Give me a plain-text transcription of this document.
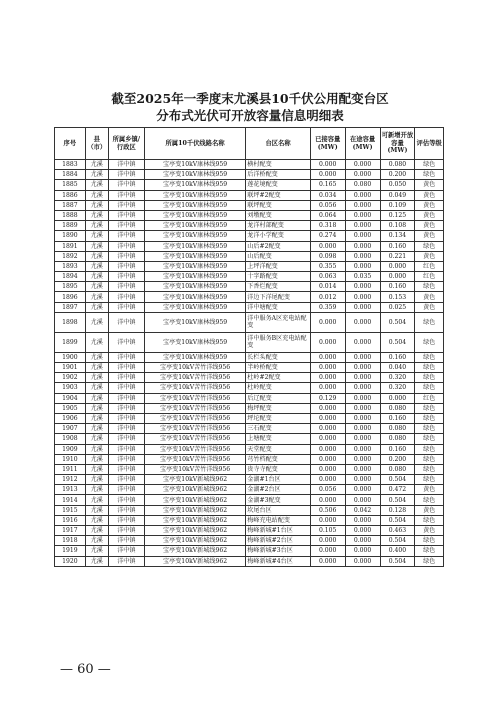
截至2025年一季度末尤溪县10千伏公用配变台区
分布式光伏可开放容量信息明细表
序号	县（市）	所属乡镇/行政区	所属10千伏线路名称	台区名称	已接容量(MW)	在途容量(MW)	可新增开放容量(MW)	评估等级
1883	尤溪	洋中镇	宝亭变10kV康林线959	横村配变	0.000	0.000	0.080	绿色
1884	尤溪	洋中镇	宝亭变10kV康林线959	后洋桥配变	0.000	0.000	0.200	绿色
1885	尤溪	洋中镇	宝亭变10kV康林线959	莲花境配变	0.165	0.080	0.050	黄色
1886	尤溪	洋中镇	宝亭变10kV康林线959	联坪#2配变	0.034	0.000	0.049	黄色
1887	尤溪	洋中镇	宝亭变10kV康林线959	联坪配变	0.056	0.000	0.109	黄色
1888	尤溪	洋中镇	宝亭变10kV康林线959	刘墩配变	0.064	0.000	0.125	黄色
1889	尤溪	洋中镇	宝亭变10kV康林线959	龙洋村部配变	0.318	0.000	0.108	黄色
1890	尤溪	洋中镇	宝亭变10kV康林线959	龙洋小学配变	0.274	0.000	0.134	黄色
1891	尤溪	洋中镇	宝亭变10kV康林线959	山后#2配变	0.000	0.000	0.160	绿色
1892	尤溪	洋中镇	宝亭变10kV康林线959	山后配变	0.098	0.000	0.221	黄色
1893	尤溪	洋中镇	宝亭变10kV康林线959	上坪洋配变	0.355	0.000	0.000	红色
1894	尤溪	洋中镇	宝亭变10kV康林线959	十字路配变	0.063	0.035	0.000	红色
1895	尤溪	洋中镇	宝亭变10kV康林线959	下香烂配变	0.014	0.000	0.160	绿色
1896	尤溪	洋中镇	宝亭变10kV康林线959	洋边下洋尾配变	0.012	0.000	0.153	黄色
1897	尤溪	洋中镇	宝亭变10kV康林线959	洋中塘配变	0.359	0.000	0.025	黄色
1898	尤溪	洋中镇	宝亭变10kV康林线959	洋中服务A区充电站配变	0.000	0.000	0.504	绿色
1899	尤溪	洋中镇	宝亭变10kV康林线959	洋中服务B区充电站配变	0.000	0.000	0.504	绿色
1900	尤溪	洋中镇	宝亭变10kV康林线959	长栏头配变	0.000	0.000	0.160	绿色
1901	尤溪	洋中镇	宝亭变10kV苦竹洋线956	半岭桥配变	0.000	0.000	0.040	绿色
1902	尤溪	洋中镇	宝亭变10kV苦竹洋线956	杜岭#2配变	0.000	0.000	0.320	绿色
1903	尤溪	洋中镇	宝亭变10kV苦竹洋线956	杜岭配变	0.000	0.000	0.320	绿色
1904	尤溪	洋中镇	宝亭变10kV苦竹洋线956	后辽配变	0.129	0.000	0.000	红色
1905	尤溪	洋中镇	宝亭变10kV苦竹洋线956	梅坪配变	0.000	0.000	0.080	绿色
1906	尤溪	洋中镇	宝亭变10kV苦竹洋线956	坪坨配变	0.000	0.000	0.160	绿色
1907	尤溪	洋中镇	宝亭变10kV苦竹洋线956	三石配变	0.000	0.000	0.080	绿色
1908	尤溪	洋中镇	宝亭变10kV苦竹洋线956	上塘配变	0.000	0.000	0.080	绿色
1909	尤溪	洋中镇	宝亭变10kV苦竹洋线956	天堂配变	0.000	0.000	0.160	绿色
1910	尤溪	洋中镇	宝亭变10kV苦竹洋线956	芎竹档配变	0.000	0.000	0.200	绿色
1911	尤溪	洋中镇	宝亭变10kV苦竹洋线956	贵寺寺配变	0.000	0.000	0.080	绿色
1912	尤溪	洋中镇	宝亭变10kV新城线962	金湖#1台区	0.000	0.000	0.504	绿色
1913	尤溪	洋中镇	宝亭变10kV新城线962	金湖#2台区	0.056	0.000	0.472	黄色
1914	尤溪	洋中镇	宝亭变10kV新城线962	金湖#3配变	0.000	0.000	0.504	绿色
1915	尤溪	洋中镇	宝亭变10kV新城线962	坎尾台区	0.506	0.042	0.128	黄色
1916	尤溪	洋中镇	宝亭变10kV新城线962	梅峰充电站配变	0.000	0.000	0.504	绿色
1917	尤溪	洋中镇	宝亭变10kV新城线962	梅峰新城#1台区	0.105	0.000	0.463	黄色
1918	尤溪	洋中镇	宝亭变10kV新城线962	梅峰新城#2台区	0.000	0.000	0.504	绿色
1919	尤溪	洋中镇	宝亭变10kV新城线962	梅峰新城#3台区	0.000	0.000	0.400	绿色
1920	尤溪	洋中镇	宝亭变10kV新城线962	梅峰新城#4台区	0.000	0.000	0.504	绿色
— 60 —
